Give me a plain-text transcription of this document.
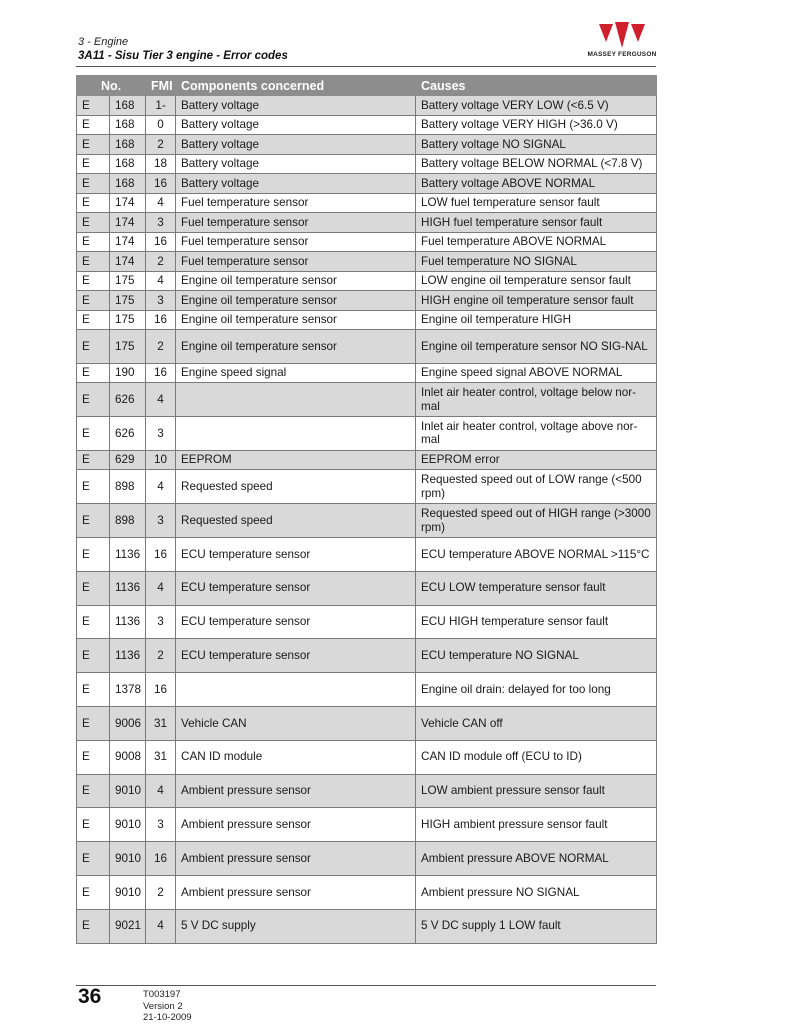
3 - Engine
3A11 - Sisu Tier 3 engine - Error codes	MASSEY FERGUSON
No.		FMI	Components concerned	Causes
E	168	1-	Battery voltage	Battery voltage VERY LOW (<6.5 V)
E	168	0	Battery voltage	Battery voltage VERY HIGH (>36.0 V)
E	168	2	Battery voltage	Battery voltage NO SIGNAL
E	168	18	Battery voltage	Battery voltage BELOW NORMAL (<7.8 V)
E	168	16	Battery voltage	Battery voltage ABOVE NORMAL
E	174	4	Fuel temperature sensor	LOW fuel temperature sensor fault
E	174	3	Fuel temperature sensor	HIGH fuel temperature sensor fault
E	174	16	Fuel temperature sensor	Fuel temperature ABOVE NORMAL
E	174	2	Fuel temperature sensor	Fuel temperature NO SIGNAL
E	175	4	Engine oil temperature sensor	LOW engine oil temperature sensor fault
E	175	3	Engine oil temperature sensor	HIGH engine oil temperature sensor fault
E	175	16	Engine oil temperature sensor	Engine oil temperature HIGH
E	175	2	Engine oil temperature sensor	Engine oil temperature sensor NO SIG-NAL
E	190	16	Engine speed signal	Engine speed signal ABOVE NORMAL
E	626	4		Inlet air heater control, voltage below nor-mal
E	626	3		Inlet air heater control, voltage above nor-mal
E	629	10	EEPROM	EEPROM error
E	898	4	Requested speed	Requested speed out of LOW range (<500 rpm)
E	898	3	Requested speed	Requested speed out of HIGH range (>3000 rpm)
E	1136	16	ECU temperature sensor	ECU temperature ABOVE NORMAL >115°C
E	1136	4	ECU temperature sensor	ECU LOW temperature sensor fault
E	1136	3	ECU temperature sensor	ECU HIGH temperature sensor fault
E	1136	2	ECU temperature sensor	ECU temperature NO SIGNAL
E	1378	16		Engine oil drain: delayed for too long
E	9006	31	Vehicle CAN	Vehicle CAN off
E	9008	31	CAN ID module	CAN ID module off (ECU to ID)
E	9010	4	Ambient pressure sensor	LOW ambient pressure sensor fault
E	9010	3	Ambient pressure sensor	HIGH ambient pressure sensor fault
E	9010	16	Ambient pressure sensor	Ambient pressure ABOVE NORMAL
E	9010	2	Ambient pressure sensor	Ambient pressure NO SIGNAL
E	9021	4	5 V DC supply	5 V DC supply 1 LOW fault
36	T003197
Version 2
21-10-2009
